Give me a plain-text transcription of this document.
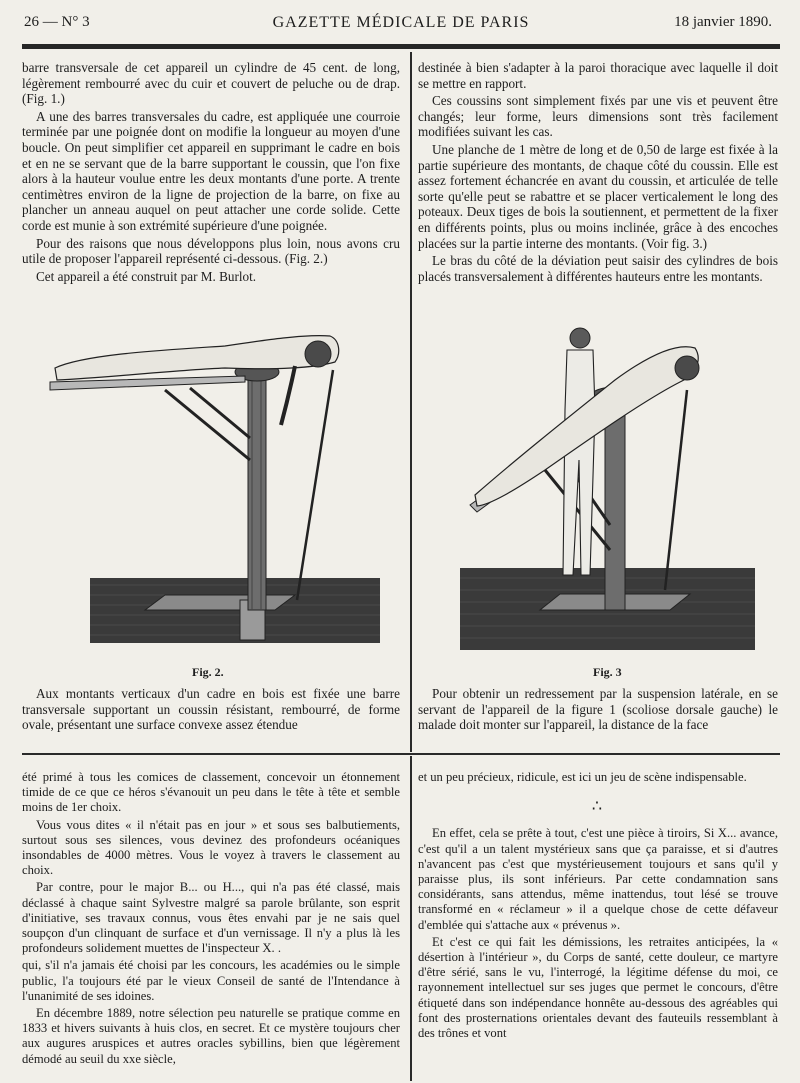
26 — N° 3	GAZETTE MÉDICALE DE PARIS	18 janvier 1890.

barre transversale de cet appareil un cylindre de 45 cent. de long, légèrement rembourré avec du cuir et couvert de peluche ou de drap. (Fig. 1.)

A une des barres transversales du cadre, est appliquée une courroie terminée par une poignée dont on modifie la longueur au moyen d'une boucle. On peut simplifier cet appareil en supprimant le cadre en bois et en ne se servant que de la barre supportant le coussin, que l'on fixe alors à la hauteur voulue entre les deux montants d'une porte. A trente centimètres environ de la ligne de projection de la barre, on fixe au plancher un anneau auquel on peut attacher une corde solide. Cette corde est munie à son extrémité supérieure d'une poignée.

Pour des raisons que nous développons plus loin, nous avons cru utile de proposer l'appareil représenté ci-dessous. (Fig. 2.)

Cet appareil a été construit par M. Burlot.

destinée à bien s'adapter à la paroi thoracique avec laquelle il doit se mettre en rapport.

Ces coussins sont simplement fixés par une vis et peuvent être changés; leur forme, leurs dimensions sont très facilement modifiées suivant les cas.

Une planche de 1 mètre de long et de 0,50 de large est fixée à la partie supérieure des montants, de chaque côté du coussin. Elle est assez fortement échancrée en avant du coussin, et articulée de telle sorte qu'elle peut se rabattre et se placer verticalement le long des poteaux. Deux tiges de bois la soutiennent, et permettent de la fixer en différents points, plus ou moins inclinée, grâce à des encoches placées sur la partie interne des montants. (Voir fig. 3.)

Le bras du côté de la déviation peut saisir des cylindres de bois placés transversalement à différentes hauteurs entre les montants.

Fig. 2.	Fig. 3

Aux montants verticaux d'un cadre en bois est fixée une barre transversale supportant un coussin résistant, rembourré, de forme ovale, présentant une surface convexe assez étendue

Pour obtenir un redressement par la suspension latérale, en se servant de l'appareil de la figure 1 (scoliose dorsale gauche) le malade doit monter sur l'appareil, la distance de la face

été primé à tous les comices de classement, concevoir un étonnement timide de ce que ce héros s'évanouit un peu dans le tête à tête et semble moins de 1er choix.

Vous vous dites « il n'était pas en jour » et sous ses balbutiements, surtout sous ses silences, vous devinez des profondeurs océaniques insondables de 4000 mètres. Vous le voyez à travers le classement au choix.

Par contre, pour le major B... ou H..., qui n'a pas été classé, mais déclassé à chaque saint Sylvestre malgré sa parole brûlante, son esprit d'initiative, ses travaux connus, vous êtes envahi par je ne sais quel soupçon d'un clinquant de surface et d'un vernissage. Il n'y a plus là les profondeurs solidement muettes de l'inspecteur X. .

qui, s'il n'a jamais été choisi par les concours, les académies ou le simple public, l'a toujours été par le vieux Conseil de santé de l'Intendance à l'unanimité de ses idoines.

En décembre 1889, notre sélection peu naturelle se pratique comme en 1833 et hivers suivants à huis clos, en secret. Et ce mystère toujours cher aux augures aruspices et autres oracles sybillins, bien que légèrement démodé au seuil du xxe siècle,

et un peu précieux, ridicule, est ici un jeu de scène indispensable.

∴

En effet, cela se prête à tout, c'est une pièce à tiroirs, Si X... avance, c'est qu'il a un talent mystérieux sans que ça paraisse, et si d'autres n'avancent pas c'est que mystérieusement toujours et sans qu'il y paraisse plus, ils sont inférieurs. Par cette condamnation sans considérants, sans attendus, même inattendus, tout lésé se trouve transformé en « réclameur » il a quelque chose de cette défaveur d'emblée qui s'attache aux « prévenus ».

Et c'est ce qui fait les démissions, les retraites anticipées, la « désertion à l'intérieur », du Corps de santé, cette douleur, ce martyre d'être sérié, sans le vu, l'interrogé, la légitime défense du moi, ce rayonnement intellectuel sur ses juges que permet le concours, d'être étiqueté dans son indépendance honnête au-dessous des agréables qui font des prosternations orientales devant des fauteuils ressemblant à des trônes et vont
